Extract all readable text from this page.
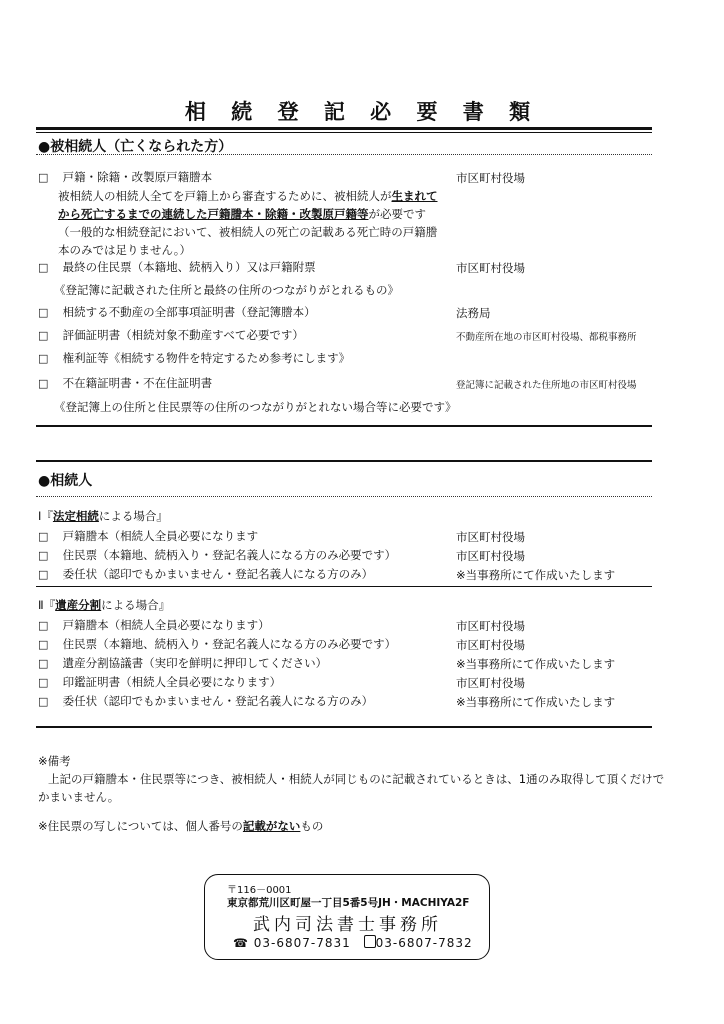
相 続 登 記 必 要 書 類
●被相続人（亡くなられた方）
□ 戸籍・除籍・改製原戸籍謄本	市区町村役場
被相続人の相続人全てを戸籍上から審査するために、被相続人が生まれてから死亡するまでの連続した戸籍謄本・除籍・改製原戸籍等が必要です（一般的な相続登記において、被相続人の死亡の記載ある死亡時の戸籍謄本のみでは足りません。）
□ 最終の住民票（本籍地、続柄入り）又は戸籍附票	市区町村役場
《登記簿に記載された住所と最終の住所のつながりがとれるもの》
□ 相続する不動産の全部事項証明書（登記簿謄本）	法務局
□ 評価証明書（相続対象不動産すべて必要です）	不動産所在地の市区町村役場、都税事務所
□ 権利証等《相続する物件を特定するため参考にします》
□ 不在籍証明書・不在住証明書	登記簿に記載された住所地の市区町村役場
《登記簿上の住所と住民票等の住所のつながりがとれない場合等に必要です》
●相続人
Ⅰ『法定相続による場合』
□ 戸籍謄本（相続人全員必要になります	市区町村役場
□ 住民票（本籍地、続柄入り・登記名義人になる方のみ必要です）	市区町村役場
□ 委任状（認印でもかまいません・登記名義人になる方のみ）	※当事務所にて作成いたします
Ⅱ『遺産分割による場合』
□ 戸籍謄本（相続人全員必要になります）	市区町村役場
□ 住民票（本籍地、続柄入り・登記名義人になる方のみ必要です）	市区町村役場
□ 遺産分割協議書（実印を鮮明に押印してください）	※当事務所にて作成いたします
□ 印鑑証明書（相続人全員必要になります）	市区町村役場
□ 委任状（認印でもかまいません・登記名義人になる方のみ）	※当事務所にて作成いたします
※備考
上記の戸籍謄本・住民票等につき、被相続人・相続人が同じものに記載されているときは、1通のみ取得して頂くだけで
かまいません。
※住民票の写しについては、個人番号の記載がないもの
〒116－0001
東京都荒川区町屋一丁目5番5号JH・MACHIYA2F
武内司法書士事務所
☎ 03-6807-7831 03-6807-7832
